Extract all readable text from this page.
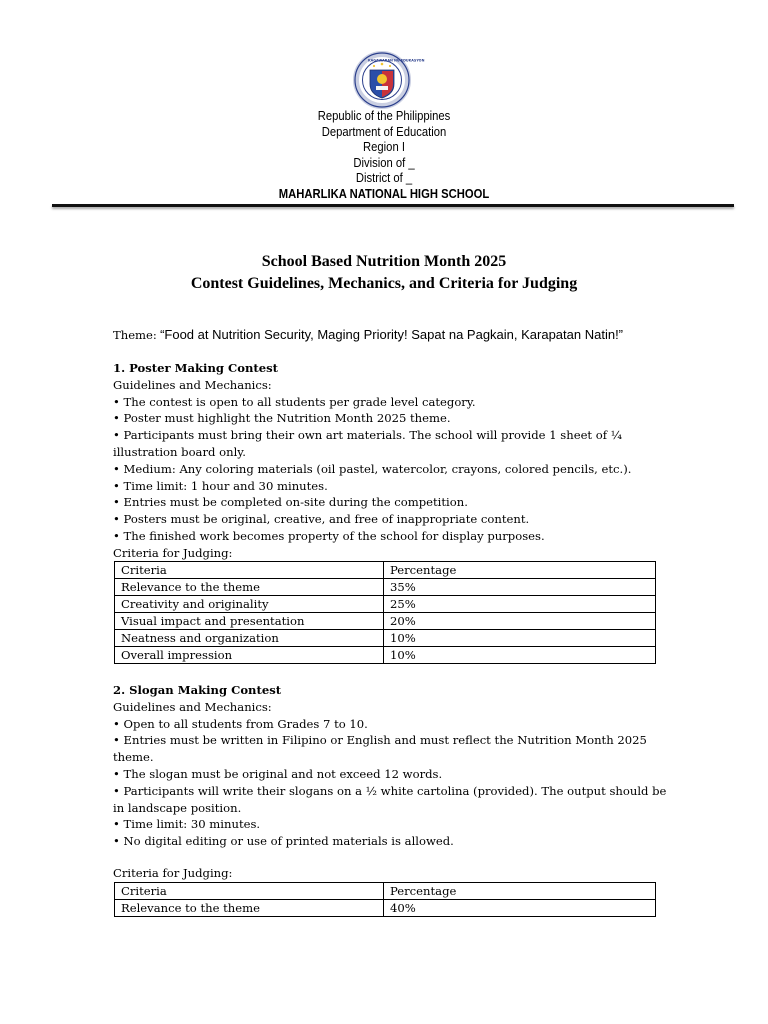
KAGAWARAN NG EDUKASYON
Republic of the Philippines
Department of Education
Region I
Division of _
District of _
MAHARLIKA NATIONAL HIGH SCHOOL
School Based Nutrition Month 2025
Contest Guidelines, Mechanics, and Criteria for Judging
Theme: “Food at Nutrition Security, Maging Priority! Sapat na Pagkain, Karapatan Natin!”
1. Poster Making Contest
Guidelines and Mechanics:
• The contest is open to all students per grade level category.
• Poster must highlight the Nutrition Month 2025 theme.
• Participants must bring their own art materials. The school will provide 1 sheet of ¼ illustration board only.
• Medium: Any coloring materials (oil pastel, watercolor, crayons, colored pencils, etc.).
• Time limit: 1 hour and 30 minutes.
• Entries must be completed on-site during the competition.
• Posters must be original, creative, and free of inappropriate content.
• The finished work becomes property of the school for display purposes.
Criteria for Judging:
Criteria	Percentage
Relevance to the theme	35%
Creativity and originality	25%
Visual impact and presentation	20%
Neatness and organization	10%
Overall impression	10%
2. Slogan Making Contest
Guidelines and Mechanics:
• Open to all students from Grades 7 to 10.
• Entries must be written in Filipino or English and must reflect the Nutrition Month 2025 theme.
• The slogan must be original and not exceed 12 words.
• Participants will write their slogans on a ½ white cartolina (provided). The output should be in landscape position.
• Time limit: 30 minutes.
• No digital editing or use of printed materials is allowed.
Criteria for Judging:
Criteria	Percentage
Relevance to the theme	40%
